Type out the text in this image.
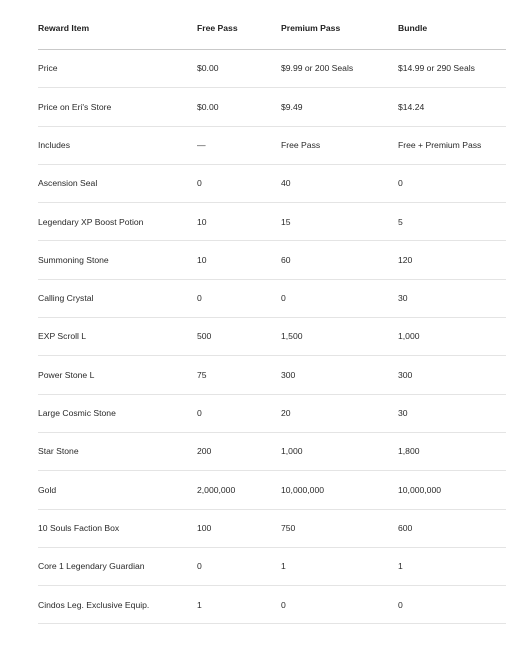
Reward Item	Free Pass	Premium Pass	Bundle
Price	$0.00	$9.99 or 200 Seals	$14.99 or 290 Seals
Price on Eri's Store	$0.00	$9.49	$14.24
Includes	—	Free Pass	Free + Premium Pass
Ascension Seal	0	40	0
Legendary XP Boost Potion	10	15	5
Summoning Stone	10	60	120
Calling Crystal	0	0	30
EXP Scroll L	500	1,500	1,000
Power Stone L	75	300	300
Large Cosmic Stone	0	20	30
Star Stone	200	1,000	1,800
Gold	2,000,000	10,000,000	10,000,000
10 Souls Faction Box	100	750	600
Core 1 Legendary Guardian	0	1	1
Cindos Leg. Exclusive Equip.	1	0	0
